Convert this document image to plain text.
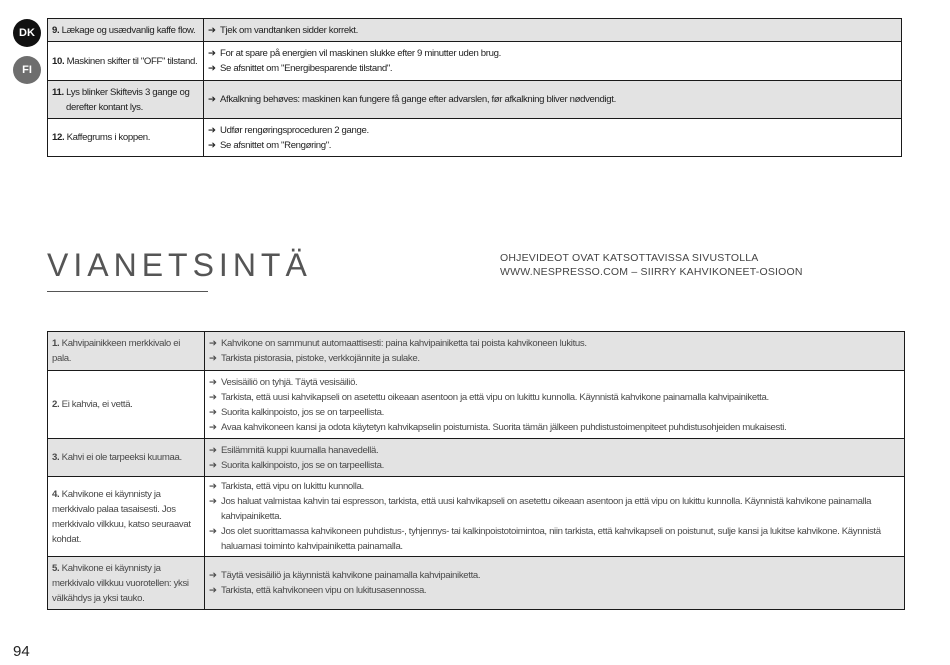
DK
FI
9. Lækage og usædvanlig kaffe flow.	➔ Tjek om vandtanken sidder korrekt.

10. Maskinen skifter til "OFF" tilstand.	➔ For at spare på energien vil maskinen slukke efter 9 minutter uden brug.
➔ Se afsnittet om "Energibesparende tilstand".

11. Lys blinker Skiftevis 3 gange og
derefter kontant lys.	➔ Afkalkning behøves: maskinen kan fungere få gange efter advarslen, før afkalkning bliver nødvendigt.

12. Kaffegrums i koppen.	➔ Udfør rengøringsproceduren 2 gange.
➔ Se afsnittet om "Rengøring".
VIANETSINTÄ	OHJEVIDEOT OVAT KATSOTTAVISSA SIVUSTOLLA
WWW.NESPRESSO.COM – SIIRRY KAHVIKONEET-OSIOON
1. Kahvipainikkeen merkkivalo ei pala.	➔ Kahvikone on sammunut automaattisesti: paina kahvipainiketta tai poista kahvikoneen lukitus.
➔ Tarkista pistorasia, pistoke, verkkojännite ja sulake.

2. Ei kahvia, ei vettä.	➔ Vesisäiliö on tyhjä. Täytä vesisäiliö.
➔ Tarkista, että uusi kahvikapseli on asetettu oikeaan asentoon ja että vipu on lukittu kunnolla. Käynnistä kahvikone painamalla kahvipainiketta.
➔ Suorita kalkinpoisto, jos se on tarpeellista.
➔ Avaa kahvikoneen kansi ja odota käytetyn kahvikapselin poistumista. Suorita tämän jälkeen puhdistustoimenpiteet puhdistusohjeiden mukaisesti.

3. Kahvi ei ole tarpeeksi kuumaa.	➔ Esilämmitä kuppi kuumalla hanavedellä.
➔ Suorita kalkinpoisto, jos se on tarpeellista.

4. Kahvikone ei käynnisty ja merkkivalo palaa tasaisesti. Jos merkkivalo vilkkuu, katso seuraavat kohdat.	➔ Tarkista, että vipu on lukittu kunnolla.
➔ Jos haluat valmistaa kahvin tai espresson, tarkista, että uusi kahvikapseli on asetettu oikeaan asentoon ja että vipu on lukittu kunnolla. Käynnistä kahvikone painamalla kahvipainiketta.
➔ Jos olet suorittamassa kahvikoneen puhdistus-, tyhjennys- tai kalkinpoistotoimintoa, niin tarkista, että kahvikapseli on poistunut, sulje kansi ja lukitse kahvikone. Käynnistä haluamasi toiminto kahvipainiketta painamalla.

5. Kahvikone ei käynnisty ja merkkivalo vilkkuu vuorotellen: yksi välkähdys ja yksi tauko.	➔ Täytä vesisäiliö ja käynnistä kahvikone painamalla kahvipainiketta.
➔ Tarkista, että kahvikoneen vipu on lukitusasennossa.
94
